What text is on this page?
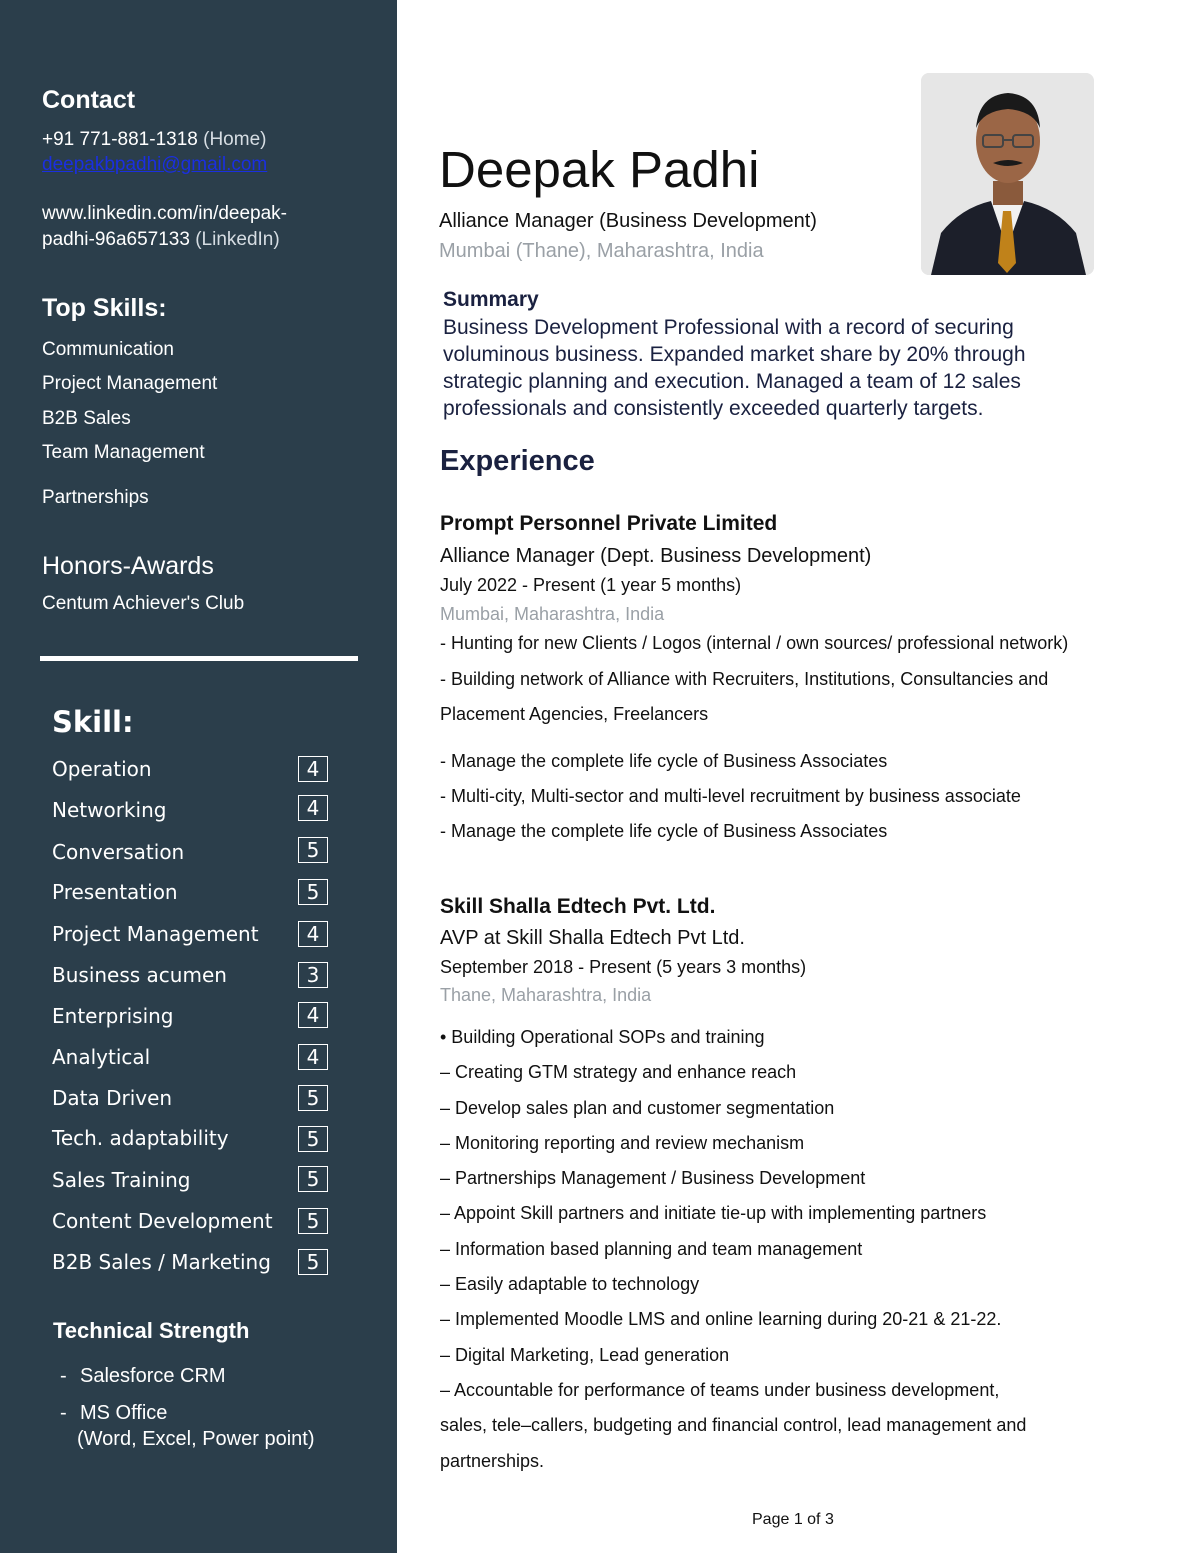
Contact
+91 771-881-1318 (Home)
deepakbpadhi@gmail.com
www.linkedin.com/in/deepak-
padhi-96a657133 (LinkedIn)
Top Skills:
Communication
Project Management
B2B Sales
Team Management
Partnerships
Honors-Awards
Centum Achiever's Club
Skill:
Operation	4
Networking	4
Conversation	5
Presentation	5
Project Management	4
Business acumen	3
Enterprising	4
Analytical	4
Data Driven	5
Tech. adaptability	5
Sales Training	5
Content Development	5
B2B Sales / Marketing	5
Technical Strength
- Salesforce CRM
- MS Office
(Word, Excel, Power point)
Deepak Padhi
Alliance Manager (Business Development)
Mumbai (Thane), Maharashtra, India
Summary
Business Development Professional with a record of securing
voluminous business. Expanded market share by 20% through
strategic planning and execution. Managed a team of 12 sales
professionals and consistently exceeded quarterly targets.
Experience
Prompt Personnel Private Limited
Alliance Manager (Dept. Business Development)
July 2022 - Present (1 year 5 months)
Mumbai, Maharashtra, India
- Hunting for new Clients / Logos (internal / own sources/ professional network)
- Building network of Alliance with Recruiters, Institutions, Consultancies and
Placement Agencies, Freelancers
- Manage the complete life cycle of Business Associates
- Multi-city, Multi-sector and multi-level recruitment by business associate
- Manage the complete life cycle of Business Associates
Skill Shalla Edtech Pvt. Ltd.
AVP at Skill Shalla Edtech Pvt Ltd.
September 2018 - Present (5 years 3 months)
Thane, Maharashtra, India
• Building Operational SOPs and training
– Creating GTM strategy and enhance reach
– Develop sales plan and customer segmentation
– Monitoring reporting and review mechanism
– Partnerships Management / Business Development
– Appoint Skill partners and initiate tie-up with implementing partners
– Information based planning and team management
– Easily adaptable to technology
– Implemented Moodle LMS and online learning during 20-21 & 21-22.
– Digital Marketing, Lead generation
– Accountable for performance of teams under business development,
sales, tele–callers, budgeting and financial control, lead management and
partnerships.
Page 1 of 3
